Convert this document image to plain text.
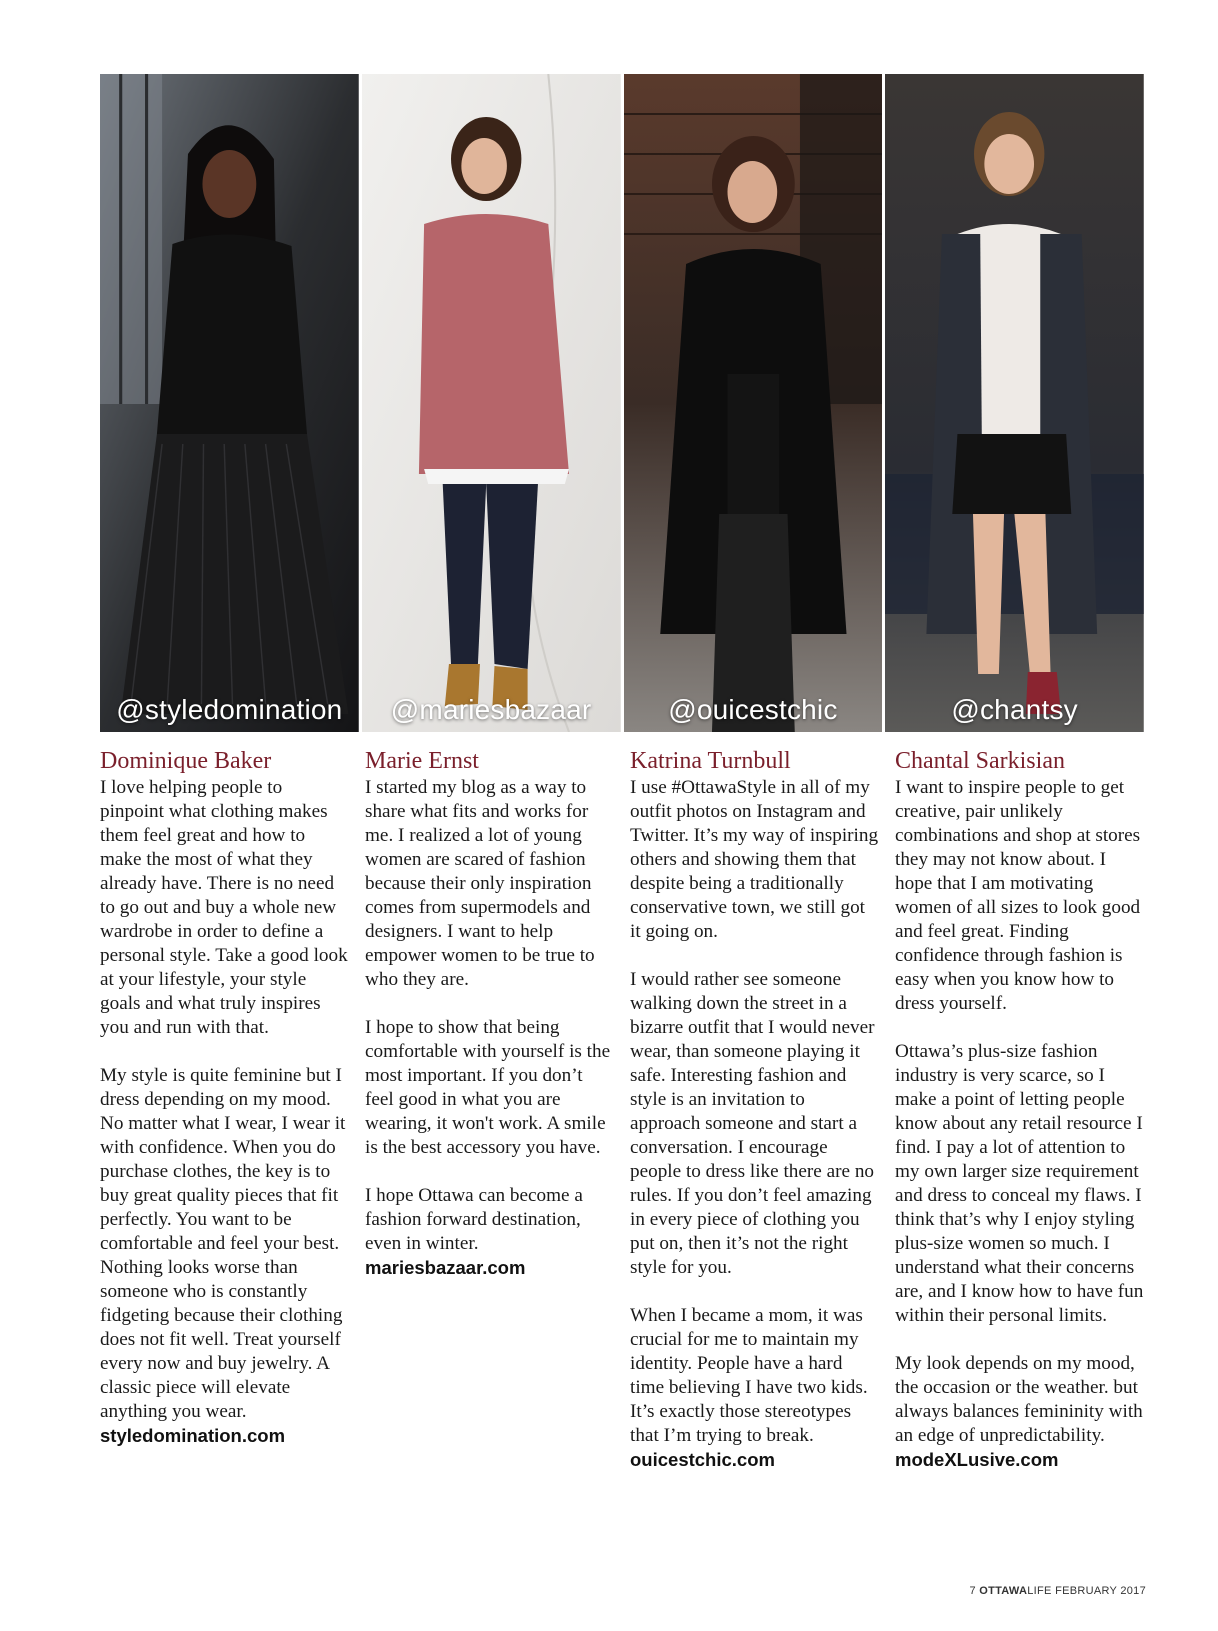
@styledomination	@mariesbazaar	@ouicestchic	@chantsy
Dominique Baker

I love helping people to pinpoint what clothing makes them feel great and how to make the most of what they already have. There is no need to go out and buy a whole new wardrobe in order to define a personal style. Take a good look at your lifestyle, your style goals and what truly inspires you and run with that.

My style is quite feminine but I dress depending on my mood. No matter what I wear, I wear it with confidence. When you do purchase clothes, the key is to buy great quality pieces that fit perfectly. You want to be comfortable and feel your best. Nothing looks worse than someone who is constantly fidgeting because their clothing does not fit well. Treat yourself every now and buy jewelry. A classic piece will elevate anything you wear.

styledomination.com
Marie Ernst

I started my blog as a way to share what fits and works for me. I realized a lot of young women are scared of fashion because their only inspiration comes from supermodels and designers. I want to help empower women to be true to who they are.

I hope to show that being comfortable with yourself is the most important. If you don’t feel good in what you are wearing, it won't work. A smile is the best accessory you have.

I hope Ottawa can become a fashion forward destination, even in winter.

mariesbazaar.com
Katrina Turnbull

I use #OttawaStyle in all of my outfit photos on Instagram and Twitter. It’s my way of inspiring others and showing them that despite being a traditionally conservative town, we still got it going on.

I would rather see someone walking down the street in a bizarre outfit that I would never wear, than someone playing it safe. Interesting fashion and style is an invitation to approach someone and start a conversation. I encourage people to dress like there are no rules. If you don’t feel amazing in every piece of clothing you put on, then it’s not the right style for you.

When I became a mom, it was crucial for me to maintain my identity. People have a hard time believing I have two kids. It’s exactly those stereotypes that I’m trying to break.

ouicestchic.com
Chantal Sarkisian

I want to inspire people to get creative, pair unlikely combinations and shop at stores they may not know about. I hope that I am motivating women of all sizes to look good and feel great. Finding confidence through fashion is easy when you know how to dress yourself.

Ottawa’s plus-size fashion industry is very scarce, so I make a point of letting people know about any retail resource I find. I pay a lot of attention to my own larger size requirement and dress to conceal my flaws. I think that’s why I enjoy styling plus-size women so much. I understand what their concerns are, and I know how to have fun within their personal limits.

My look depends on my mood, the occasion or the weather. but always balances femininity with an edge of unpredictability.

modeXLusive.com
7 OTTAWALIFE FEBRUARY 2017
